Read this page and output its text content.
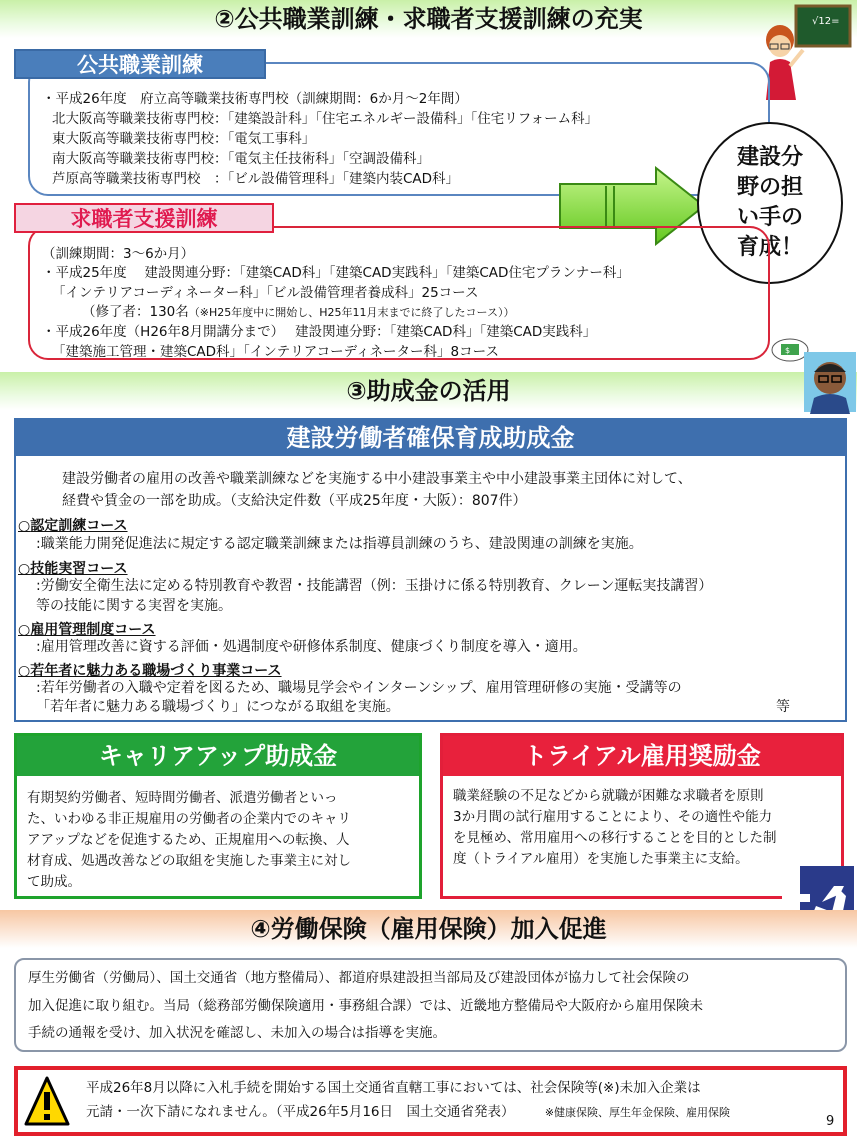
②公共職業訓練・求職者支援訓練の充実	√12=
公共職業訓練
・平成26年度　府立高等職業技術専門校（訓練期間：6か月～2年間）
北大阪高等職業技術専門校：「建築設計科」「住宅エネルギー設備科」「住宅リフォーム科」
東大阪高等職業技術専門校：「電気工事科」
南大阪高等職業技術専門校：「電気主任技術科」「空調設備科」
芦原高等職業技術専門校　：「ビル設備管理科」「建築内装CAD科」
建設分
野の担
い手の
育成！
求職者支援訓練
（訓練期間：3～6か月）
・平成25年度　 建設関連分野：「建築CAD科」「建築CAD実践科」「建築CAD住宅プランナー科」
「インテリアコーディネーター科」「ビル設備管理者養成科」25コース
（修了者：130名（※H25年度中に開始し、H25年11月末までに終了したコース））
・平成26年度（H26年8月開講分まで）　 建設関連分野：「建築CAD科」「建築CAD実践科」
「建築施工管理・建築CAD科」「インテリアコーディネーター科」8コース
③助成金の活用
$
建設労働者確保育成助成金
建設労働者の雇用の改善や職業訓練などを実施する中小建設事業主や中小建設事業主団体に対して、
経費や賃金の一部を助成。（支給決定件数（平成25年度・大阪）：807件）
○認定訓練コース
:職業能力開発促進法に規定する認定職業訓練または指導員訓練のうち、建設関連の訓練を実施。
○技能実習コース
:労働安全衛生法に定める特別教育や教習・技能講習（例：玉掛けに係る特別教育、クレーン運転実技講習）
等の技能に関する実習を実施。
○雇用管理制度コース
:雇用管理改善に資する評価・処遇制度や研修体系制度、健康づくり制度を導入・適用。
○若年者に魅力ある職場づくり事業コース
:若年労働者の入職や定着を図るため、職場見学会やインターンシップ、雇用管理研修の実施・受講等の
「若年者に魅力ある職場づくり」につながる取組を実施。	等
キャリアアップ助成金
有期契約労働者、短時間労働者、派遣労働者といっ
た、いわゆる非正規雇用の労働者の企業内でのキャリ
アアップなどを促進するため、正規雇用への転換、人
材育成、処遇改善などの取組を実施した事業主に対し
て助成。
トライアル雇用奨励金
職業経験の不足などから就職が困難な求職者を原則
3か月間の試行雇用することにより、その適性や能力
を見極め、常用雇用への移行することを目的とした制
度（トライアル雇用）を実施した事業主に支給。
④労働保険（雇用保険）加入促進
厚生労働省（労働局）、国土交通省（地方整備局）、都道府県建設担当部局及び建設団体が協力して社会保険の
加入促進に取り組む。当局（総務部労働保険適用・事務組合課）では、近畿地方整備局や大阪府から雇用保険未
手続の通報を受け、加入状況を確認し、未加入の場合は指導を実施。
平成26年8月以降に入札手続を開始する国土交通省直轄工事においては、社会保険等(※)未加入企業は
元請・一次下請になれません。（平成26年5月16日　国土交通省発表）	※健康保険、厚生年金保険、雇用保険
9
